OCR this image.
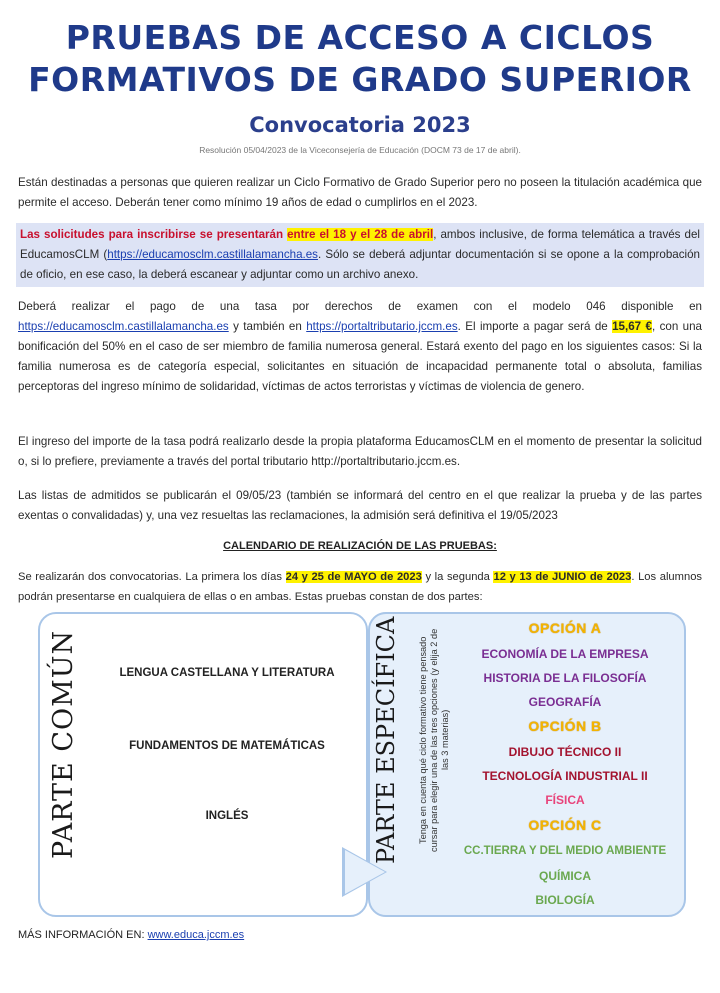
PRUEBAS DE ACCESO A CICLOS
FORMATIVOS DE GRADO SUPERIOR
Convocatoria 2023
Resolución 05/04/2023 de la Viceconsejería de Educación (DOCM 73 de 17 de abril).
Están destinadas a personas que quieren realizar un Ciclo Formativo de Grado Superior pero no poseen la titulación académica que permite el acceso. Deberán tener como mínimo 19 años de edad o cumplirlos en el 2023.
Las solicitudes para inscribirse se presentarán entre el 18 y el 28 de abril, ambos inclusive, de forma telemática a través del EducamosCLM (https://educamosclm.castillalamancha.es. Sólo se deberá adjuntar documentación si se opone a la comprobación de oficio, en ese caso, la deberá escanear y adjuntar como un archivo anexo.
Deberá realizar el pago de una tasa por derechos de examen con el modelo 046 disponible en https://educamosclm.castillalamancha.es y también en https://portaltributario.jccm.es. El importe a pagar será de 15,67 €, con una bonificación del 50% en el caso de ser miembro de familia numerosa general. Estará exento del pago en los siguientes casos: Si la familia numerosa es de categoría especial, solicitantes en situación de incapacidad permanente total o absoluta, familias perceptoras del ingreso mínimo de solidaridad, víctimas de actos terroristas y víctimas de violencia de genero.
El ingreso del importe de la tasa podrá realizarlo desde la propia plataforma EducamosCLM en el momento de presentar la solicitud o, si lo prefiere, previamente a través del portal tributario http://portaltributario.jccm.es.
Las listas de admitidos se publicarán el 09/05/23 (también se informará del centro en el que realizar la prueba y de las partes exentas o convalidadas) y, una vez resueltas las reclamaciones, la admisión será definitiva el 19/05/2023
CALENDARIO DE REALIZACIÓN DE LAS PRUEBAS:
Se realizarán dos convocatorias. La primera los días 24 y 25 de MAYO de 2023 y la segunda 12 y 13 de JUNIO de 2023. Los alumnos podrán presentarse en cualquiera de ellas o en ambas. Estas pruebas constan de dos partes:
PARTE COMÚN	LENGUA CASTELLANA Y LITERATURA
FUNDAMENTOS DE MATEMÁTICAS
INGLÉS	PARTE ESPECÍFICA Tenga en cuenta qué ciclo formativo tiene pensado cursar para elegir una de las tres opciones (y elija 2 de las 3 materias)
OPCIÓN A
ECONOMÍA DE LA EMPRESA
HISTORIA DE LA FILOSOFÍA
GEOGRAFÍA
OPCIÓN B
DIBUJO TÉCNICO II
TECNOLOGÍA INDUSTRIAL II
FÍSICA
OPCIÓN C
CC.TIERRA Y DEL MEDIO AMBIENTE
QUÍMICA
BIOLOGÍA
MÁS INFORMACIÓN EN: www.educa.jccm.es
